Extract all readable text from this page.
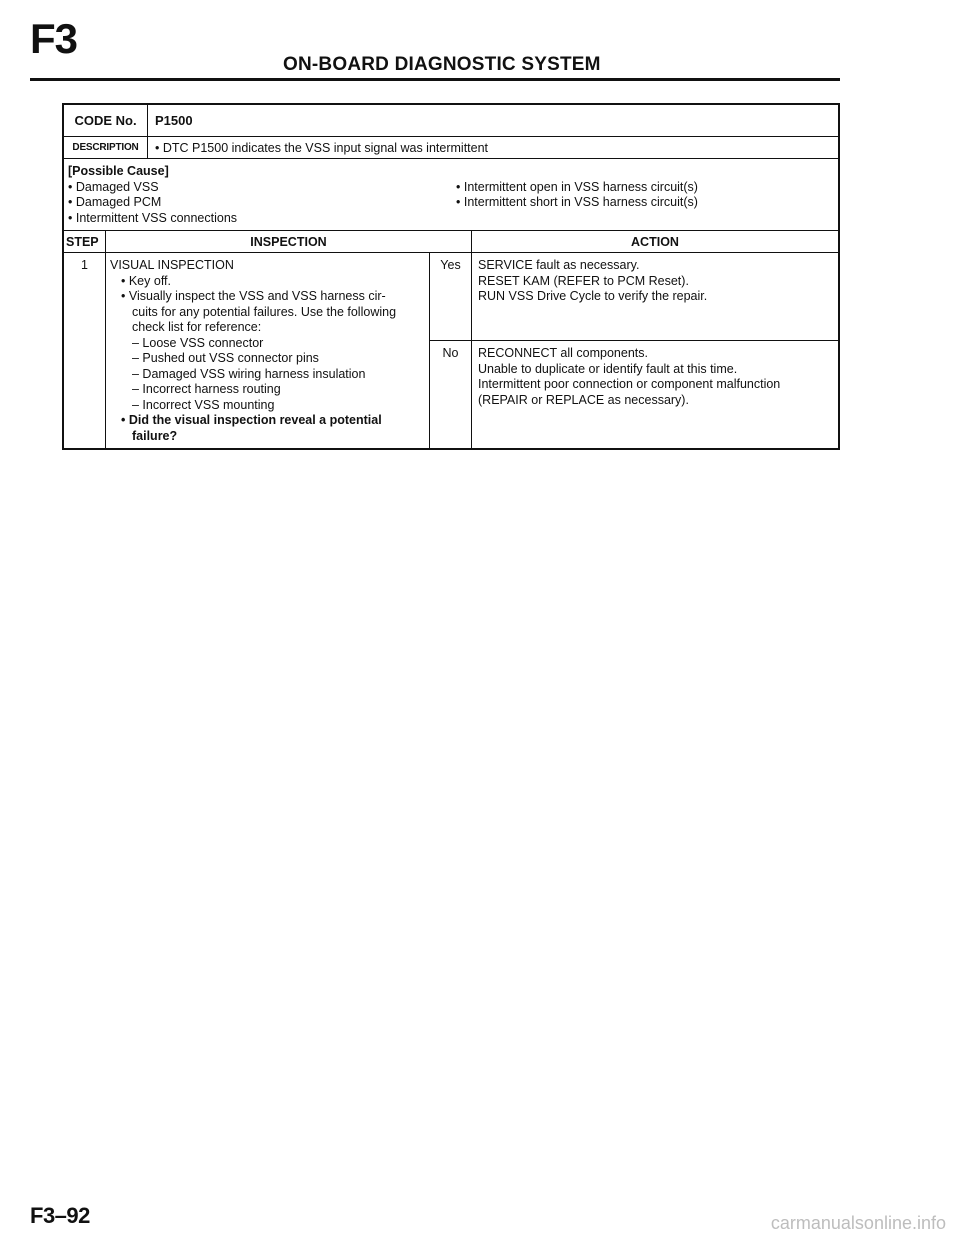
F3
ON-BOARD DIAGNOSTIC SYSTEM
CODE No.	P1500
DESCRIPTION	• DTC P1500 indicates the VSS input signal was intermittent
[Possible Cause]
• Damaged VSS
• Damaged PCM
• Intermittent VSS connections
• Intermittent open in VSS harness circuit(s)
• Intermittent short in VSS harness circuit(s)
STEP	INSPECTION	ACTION
1	VISUAL INSPECTION
• Key off.
• Visually inspect the VSS and VSS harness cir-
cuits for any potential failures. Use the following
check list for reference:
– Loose VSS connector
– Pushed out VSS connector pins
– Damaged VSS wiring harness insulation
– Incorrect harness routing
– Incorrect VSS mounting
• Did the visual inspection reveal a potential
failure?
Yes	SERVICE fault as necessary.
RESET KAM (REFER to PCM Reset).
RUN VSS Drive Cycle to verify the repair.
No	RECONNECT all components.
Unable to duplicate or identify fault at this time.
Intermittent poor connection or component malfunction
(REPAIR or REPLACE as necessary).
F3–92	carmanualsonline.info
